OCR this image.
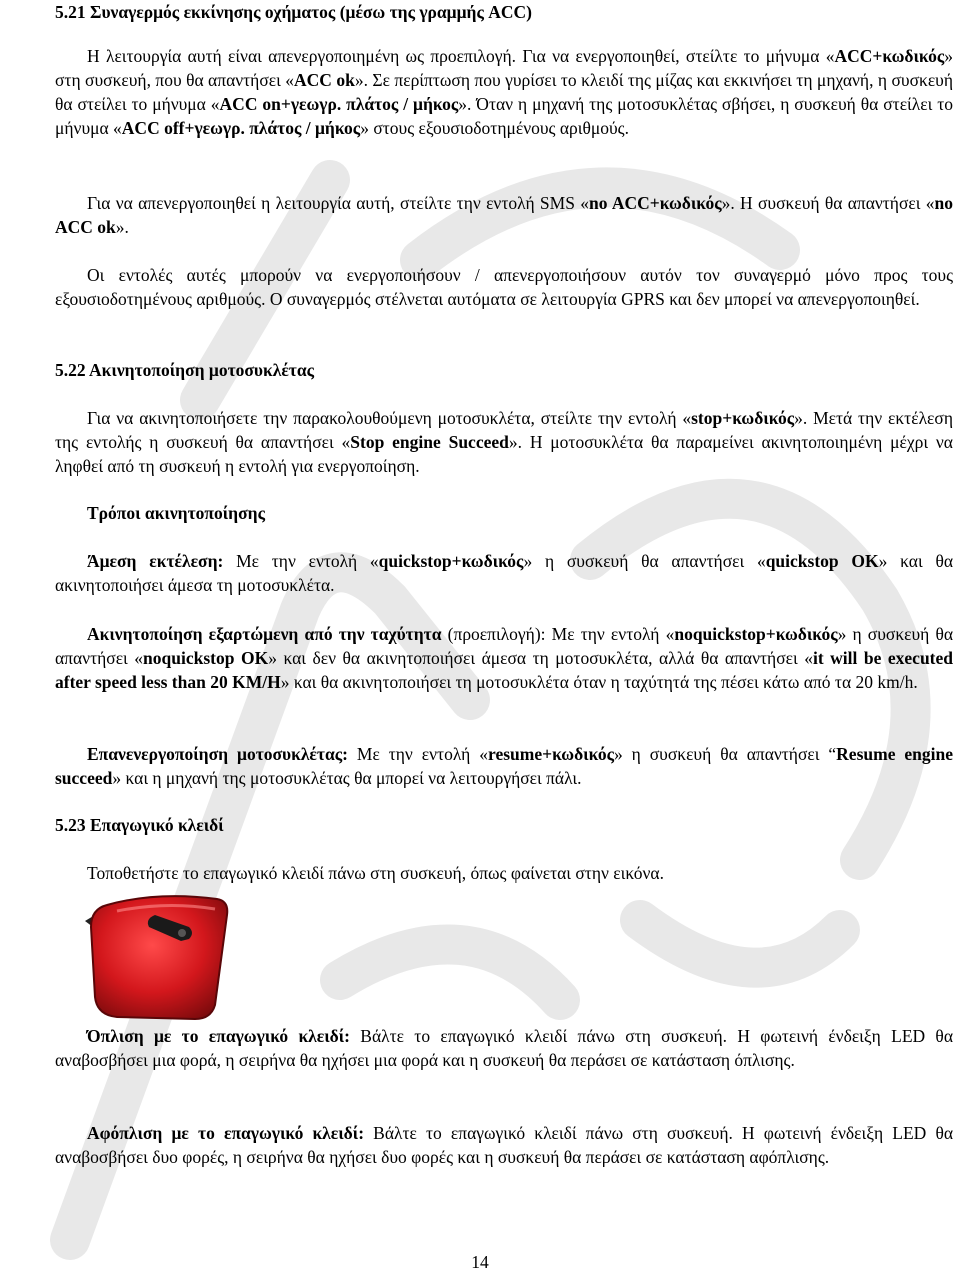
5.21 Συναγερμός εκκίνησης οχήματος (μέσω της γραμμής ACC)

Η λειτουργία αυτή είναι απενεργοποιημένη ως προεπιλογή. Για να ενεργοποιηθεί, στείλτε το μήνυμα «ACC+κωδικός» στη συσκευή, που θα απαντήσει «ACC ok». Σε περίπτωση που γυρίσει το κλειδί της μίζας και εκκινήσει τη μηχανή, η συσκευή θα στείλει το μήνυμα «ACC on+γεωγρ. πλάτος / μήκος». Όταν η μηχανή της μοτοσυκλέτας σβήσει, η συσκευή θα στείλει το μήνυμα «ACC off+γεωγρ. πλάτος / μήκος» στους εξουσιοδοτημένους αριθμούς.

Για να απενεργοποιηθεί η λειτουργία αυτή, στείλτε την εντολή SMS «no ACC+κωδικός». Η συσκευή θα απαντήσει «no ACC ok».

Οι εντολές αυτές μπορούν να ενεργοποιήσουν / απενεργοποιήσουν αυτόν τον συναγερμό μόνο προς τους εξουσιοδοτημένους αριθμούς. Ο συναγερμός στέλνεται αυτόματα σε λειτουργία GPRS και δεν μπορεί να απενεργοποιηθεί.

5.22 Ακινητοποίηση μοτοσυκλέτας

Για να ακινητοποιήσετε την παρακολουθούμενη μοτοσυκλέτα, στείλτε την εντολή «stop+κωδικός». Μετά την εκτέλεση της εντολής η συσκευή θα απαντήσει «Stop engine Succeed». Η μοτοσυκλέτα θα παραμείνει ακινητοποιημένη μέχρι να ληφθεί από τη συσκευή η εντολή για ενεργοποίηση.

Τρόποι ακινητοποίησης

Άμεση εκτέλεση: Με την εντολή «quickstop+κωδικός» η συσκευή θα απαντήσει «quickstop OK» και θα ακινητοποιήσει άμεσα τη μοτοσυκλέτα.

Ακινητοποίηση εξαρτώμενη από την ταχύτητα (προεπιλογή): Με την εντολή «noquickstop+κωδικός» η συσκευή θα απαντήσει «noquickstop OK» και δεν θα ακινητοποιήσει άμεσα τη μοτοσυκλέτα, αλλά θα απαντήσει «it will be executed after speed less than 20 KM/H» και θα ακινητοποιήσει τη μοτοσυκλέτα όταν η ταχύτητά της πέσει κάτω από τα 20 km/h.

Επανενεργοποίηση μοτοσυκλέτας: Με την εντολή «resume+κωδικός» η συσκευή θα απαντήσει “Resume engine succeed» και η μηχανή της μοτοσυκλέτας θα μπορεί να λειτουργήσει πάλι.

5.23 Επαγωγικό κλειδί

Τοποθετήστε το επαγωγικό κλειδί πάνω στη συσκευή, όπως φαίνεται στην εικόνα.

Όπλιση με το επαγωγικό κλειδί: Βάλτε το επαγωγικό κλειδί πάνω στη συσκευή. Η φωτεινή ένδειξη LED θα αναβοσβήσει μια φορά, η σειρήνα θα ηχήσει μια φορά και η συσκευή θα περάσει σε κατάσταση όπλισης.

Αφόπλιση με το επαγωγικό κλειδί: Βάλτε το επαγωγικό κλειδί πάνω στη συσκευή. Η φωτεινή ένδειξη LED θα αναβοσβήσει δυο φορές, η σειρήνα θα ηχήσει δυο φορές και η συσκευή θα περάσει σε κατάσταση αφόπλισης.

14
